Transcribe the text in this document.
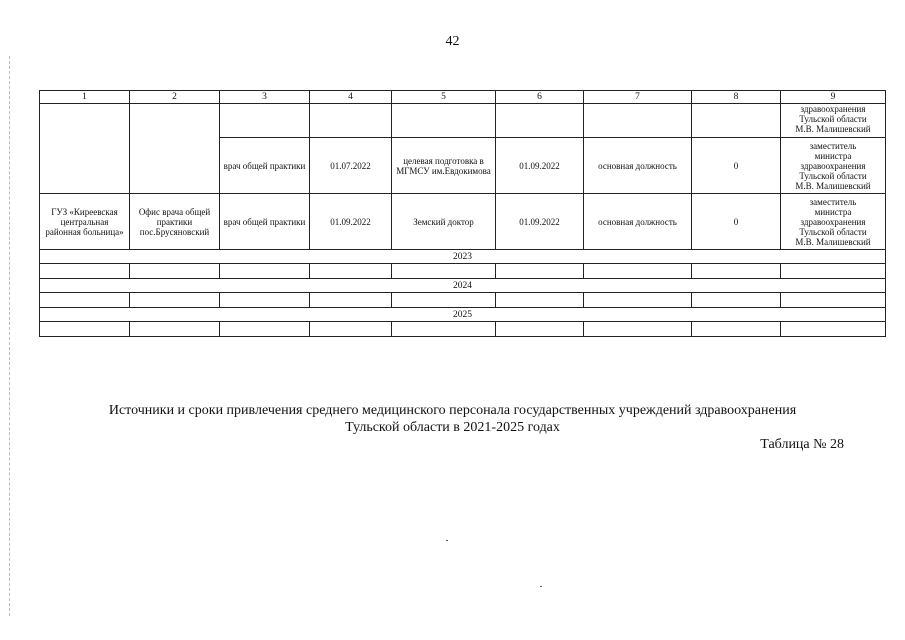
42
1	2	3	4	5	6	7	8	9

								здравоохранения
Тульской области
М.В. Малишевский

		врач общей практики	01.07.2022	целевая подготовка в МГМСУ им.Евдокимова	01.09.2022	основная должность	0	заместитель
министра
здравоохранения
Тульской области
М.В. Малишевский

ГУЗ «Киреевская центральная районная больница»	Офис врача общей практики пос.Брусяновский	врач общей практики	01.09.2022	Земский доктор	01.09.2022	основная должность	0	заместитель
министра
здравоохранения
Тульской области
М.В. Малишевский

2023								

2024								

2025								

Источники и сроки привлечения среднего медицинского персонала государственных учреждений здравоохранения
Тульской области в 2021-2025 годах
Таблица № 28
